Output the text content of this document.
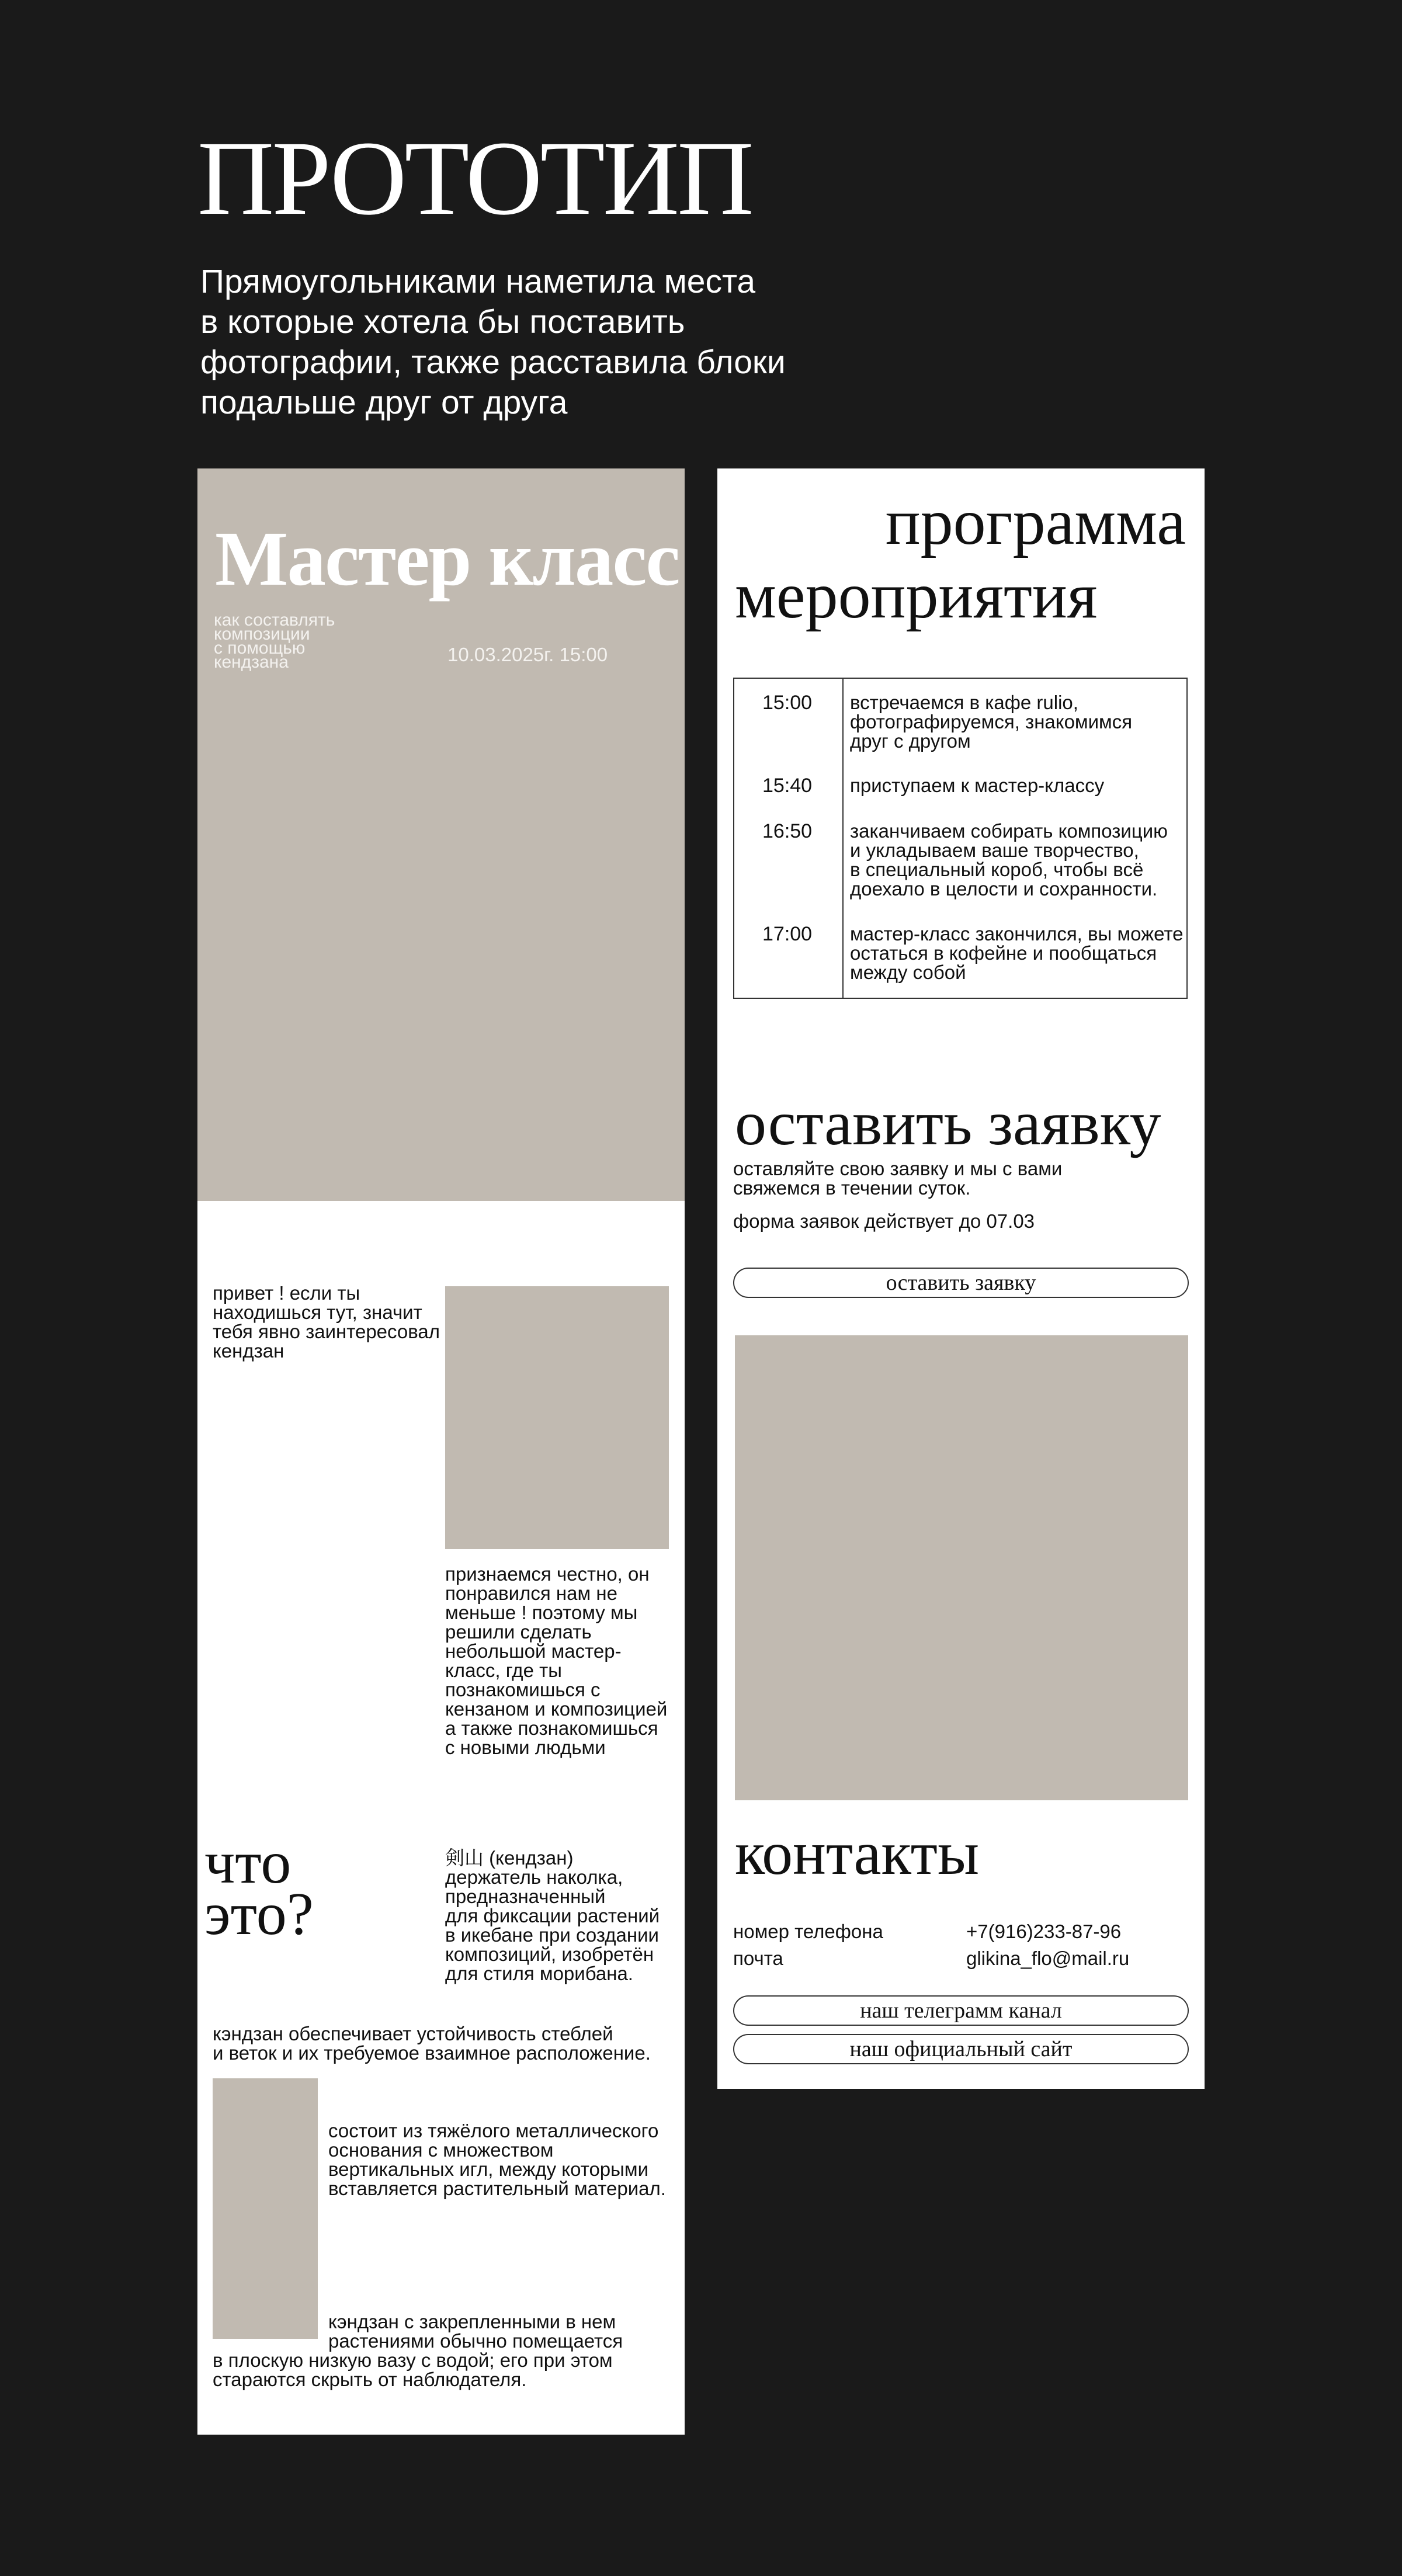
ПРОТОТИП

Прямоугольниками наметила места
в которые хотела бы поставить
фотографии, также расставила блоки
подальше друг от друга

Мастер класс

как составлять
композиции
с помощью
кендзана	10.03.2025г. 15:00

привет ! если ты
находишься тут, значит
тебя явно заинтересовал
кендзан

признаемся честно, он
понравился нам не
меньше ! поэтому мы
решили сделать
небольшой мастер-
класс, где ты
познакомишься с
кензаном и композицией
а также познакомишься
с новыми людьми

что
это?

剣山 (кендзан)
держатель наколка,
предназначенный
для фиксации растений
в икебане при создании
композиций, изобретён
для стиля морибана.

кэндзан обеспечивает устойчивость стеблей
и веток и их требуемое взаимное расположение.

состоит из тяжёлого металлического
основания с множеством
вертикальных игл, между которыми
вставляется растительный материал.

кэндзан с закрепленными в нем
растениями обычно помещается

в плоскую низкую вазу с водой; его при этом
стараются скрыть от наблюдателя.

программа
мероприятия
15:00 встречаемся в кафе rulio,
фотографируемся, знакомимся
друг с другом

15:40 приступаем к мастер-классу

16:50 заканчиваем собирать композицию
и укладываем ваше творчество,
в специальный короб, чтобы всё
доехало в целости и сохранности.

17:00 мастер-класс закончился, вы можете
остаться в кофейне и пообщаться
между собой

оставить заявку

оставляйте свою заявку и мы с вами
свяжемся в течении суток.

форма заявок действует до 07.03

оставить заявку
контакты
номер телефона	+7(916)233-87-96
почта	glikina_flo@mail.ru
наш телеграмм канал
наш официальный сайт
